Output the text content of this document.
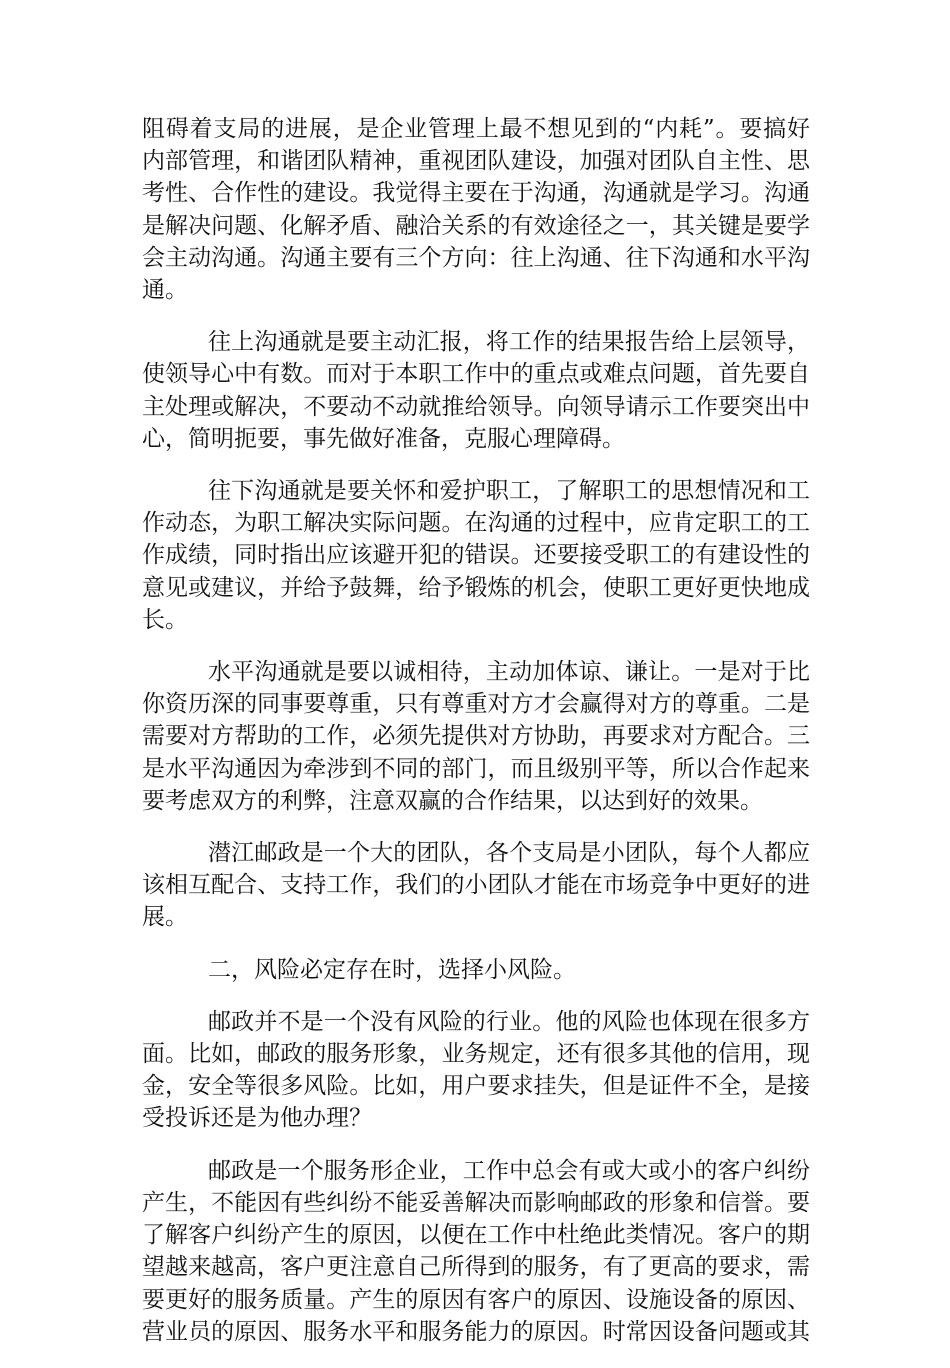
阻碍着支局的进展，是企业管理上最不想见到的“内耗”。要搞好
内部管理，和谐团队精神，重视团队建设，加强对团队自主性、思
考性、合作性的建设。我觉得主要在于沟通，沟通就是学习。沟通
是解决问题、化解矛盾、融洽关系的有效途径之一，其关键是要学
会主动沟通。沟通主要有三个方向：往上沟通、往下沟通和水平沟
通。
往上沟通就是要主动汇报，将工作的结果报告给上层领导，
使领导心中有数。而对于本职工作中的重点或难点问题，首先要自
主处理或解决，不要动不动就推给领导。向领导请示工作要突出中
心，简明扼要，事先做好准备，克服心理障碍。
往下沟通就是要关怀和爱护职工，了解职工的思想情况和工
作动态，为职工解决实际问题。在沟通的过程中，应肯定职工的工
作成绩，同时指出应该避开犯的错误。还要接受职工的有建设性的
意见或建议，并给予鼓舞，给予锻炼的机会，使职工更好更快地成
长。
水平沟通就是要以诚相待，主动加体谅、谦让。一是对于比
你资历深的同事要尊重，只有尊重对方才会赢得对方的尊重。二是
需要对方帮助的工作，必须先提供对方协助，再要求对方配合。三
是水平沟通因为牵涉到不同的部门，而且级别平等，所以合作起来
要考虑双方的利弊，注意双赢的合作结果，以达到好的效果。
潜江邮政是一个大的团队，各个支局是小团队，每个人都应
该相互配合、支持工作，我们的小团队才能在市场竞争中更好的进
展。
二，风险必定存在时，选择小风险。
邮政并不是一个没有风险的行业。他的风险也体现在很多方
面。比如，邮政的服务形象，业务规定，还有很多其他的信用，现
金，安全等很多风险。比如，用户要求挂失，但是证件不全，是接
受投诉还是为他办理？
邮政是一个服务形企业，工作中总会有或大或小的客户纠纷
产生，不能因有些纠纷不能妥善解决而影响邮政的形象和信誉。要
了解客户纠纷产生的原因，以便在工作中杜绝此类情况。客户的期
望越来越高，客户更注意自己所得到的服务，有了更高的要求，需
要更好的服务质量。产生的原因有客户的原因、设施设备的原因、
营业员的原因、服务水平和服务能力的原因。时常因设备问题或其
